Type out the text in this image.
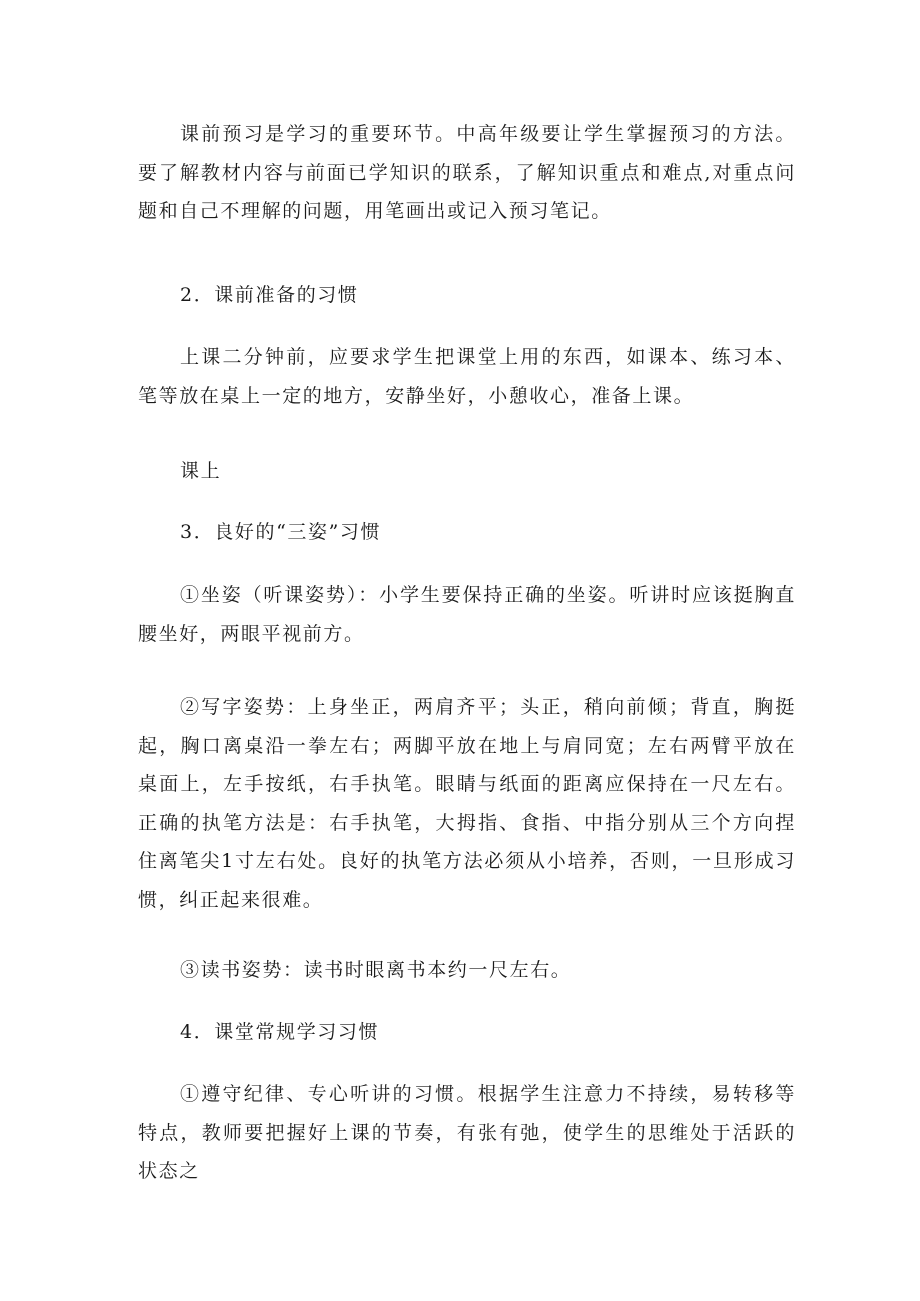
课前预习是学习的重要环节。中高年级要让学生掌握预习的方法。要了解教材内容与前面已学知识的联系，了解知识重点和难点,对重点问题和自己不理解的问题，用笔画出或记入预习笔记。

2．课前准备的习惯

上课二分钟前，应要求学生把课堂上用的东西，如课本、练习本、笔等放在桌上一定的地方，安静坐好，小憩收心，准备上课。

课上

3．良好的“三姿”习惯

①坐姿（听课姿势）：小学生要保持正确的坐姿。听讲时应该挺胸直腰坐好，两眼平视前方。

②写字姿势：上身坐正，两肩齐平；头正，稍向前倾；背直，胸挺起，胸口离桌沿一拳左右；两脚平放在地上与肩同宽；左右两臂平放在桌面上，左手按纸，右手执笔。眼睛与纸面的距离应保持在一尺左右。正确的执笔方法是：右手执笔，大拇指、食指、中指分别从三个方向捏住离笔尖1寸左右处。良好的执笔方法必须从小培养，否则，一旦形成习惯，纠正起来很难。

③读书姿势：读书时眼离书本约一尺左右。

4．课堂常规学习习惯

①遵守纪律、专心听讲的习惯。根据学生注意力不持续，易转移等特点，教师要把握好上课的节奏，有张有弛，使学生的思维处于活跃的状态之
